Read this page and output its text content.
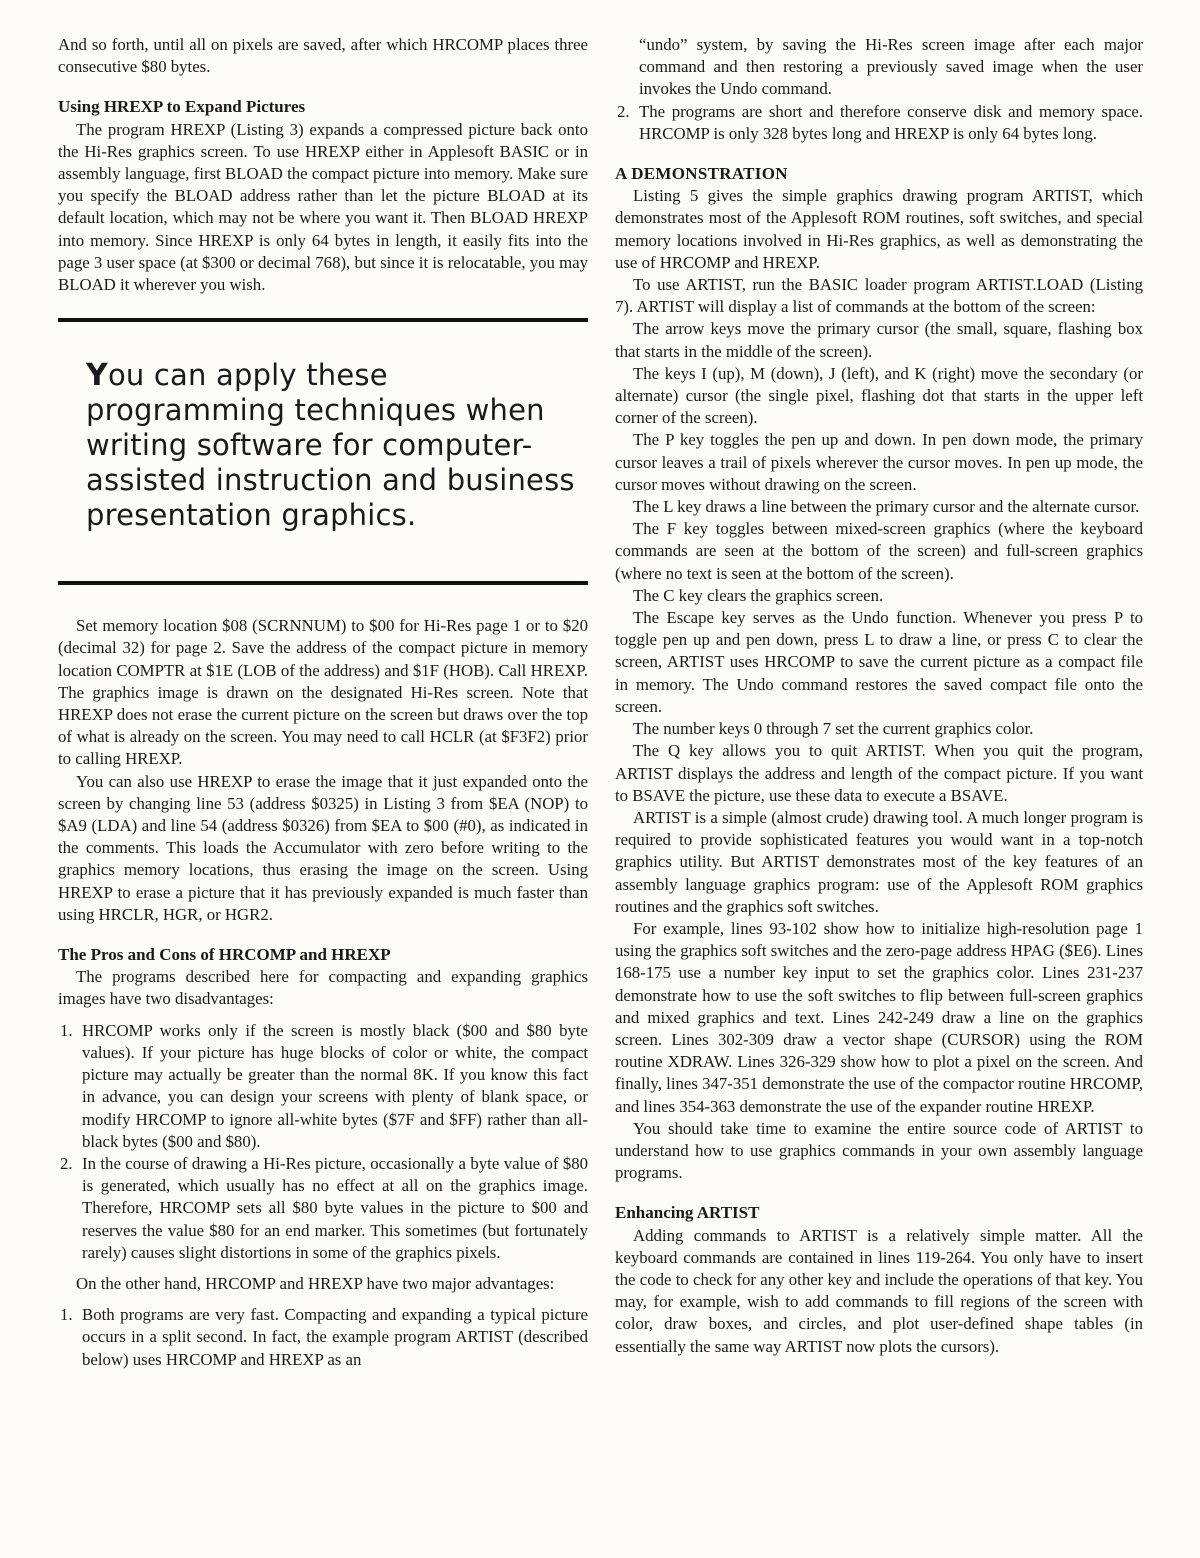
And so forth, until all on pixels are saved, after which HRCOMP places three consecutive $80 bytes.

Using HREXP to Expand Pictures

The program HREXP (Listing 3) expands a compressed picture back onto the Hi-Res graphics screen. To use HREXP either in Applesoft BASIC or in assembly language, first BLOAD the compact picture into memory. Make sure you specify the BLOAD address rather than let the picture BLOAD at its default location, which may not be where you want it. Then BLOAD HREXP into memory. Since HREXP is only 64 bytes in length, it easily fits into the page 3 user space (at $300 or decimal 768), but since it is relocatable, you may BLOAD it wherever you wish.

You can apply these programming techniques when writing software for computer-assisted instruction and business presentation graphics.

Set memory location $08 (SCRNNUM) to $00 for Hi-Res page 1 or to $20 (decimal 32) for page 2. Save the address of the compact picture in memory location COMPTR at $1E (LOB of the address) and $1F (HOB). Call HREXP. The graphics image is drawn on the designated Hi-Res screen. Note that HREXP does not erase the current picture on the screen but draws over the top of what is already on the screen. You may need to call HCLR (at $F3F2) prior to calling HREXP.

You can also use HREXP to erase the image that it just expanded onto the screen by changing line 53 (address $0325) in Listing 3 from $EA (NOP) to $A9 (LDA) and line 54 (address $0326) from $EA to $00 (#0), as indicated in the comments. This loads the Accumulator with zero before writing to the graphics memory locations, thus erasing the image on the screen. Using HREXP to erase a picture that it has previously expanded is much faster than using HRCLR, HGR, or HGR2.

The Pros and Cons of HRCOMP and HREXP

The programs described here for compacting and expanding graphics images have two disadvantages:

1. HRCOMP works only if the screen is mostly black ($00 and $80 byte values). If your picture has huge blocks of color or white, the compact picture may actually be greater than the normal 8K. If you know this fact in advance, you can design your screens with plenty of blank space, or modify HRCOMP to ignore all-white bytes ($7F and $FF) rather than all-black bytes ($00 and $80).
2. In the course of drawing a Hi-Res picture, occasionally a byte value of $80 is generated, which usually has no effect at all on the graphics image. Therefore, HRCOMP sets all $80 byte values in the picture to $00 and reserves the value $80 for an end marker. This sometimes (but fortunately rarely) causes slight distortions in some of the graphics pixels.

On the other hand, HRCOMP and HREXP have two major advantages:

1. Both programs are very fast. Compacting and expanding a typical picture occurs in a split second. In fact, the example program ARTIST (described below) uses HRCOMP and HREXP as an
“undo” system, by saving the Hi-Res screen image after each major command and then restoring a previously saved image when the user invokes the Undo command.
2. The programs are short and therefore conserve disk and memory space. HRCOMP is only 328 bytes long and HREXP is only 64 bytes long.
A DEMONSTRATION

Listing 5 gives the simple graphics drawing program ARTIST, which demonstrates most of the Applesoft ROM routines, soft switches, and special memory locations involved in Hi-Res graphics, as well as demonstrating the use of HRCOMP and HREXP.

To use ARTIST, run the BASIC loader program ARTIST.LOAD (Listing 7). ARTIST will display a list of commands at the bottom of the screen:

The arrow keys move the primary cursor (the small, square, flashing box that starts in the middle of the screen).

The keys I (up), M (down), J (left), and K (right) move the secondary (or alternate) cursor (the single pixel, flashing dot that starts in the upper left corner of the screen).

The P key toggles the pen up and down. In pen down mode, the primary cursor leaves a trail of pixels wherever the cursor moves. In pen up mode, the cursor moves without drawing on the screen.

The L key draws a line between the primary cursor and the alternate cursor.

The F key toggles between mixed-screen graphics (where the keyboard commands are seen at the bottom of the screen) and full-screen graphics (where no text is seen at the bottom of the screen).

The C key clears the graphics screen.

The Escape key serves as the Undo function. Whenever you press P to toggle pen up and pen down, press L to draw a line, or press C to clear the screen, ARTIST uses HRCOMP to save the current picture as a compact file in memory. The Undo command restores the saved compact file onto the screen.

The number keys 0 through 7 set the current graphics color.

The Q key allows you to quit ARTIST. When you quit the program, ARTIST displays the address and length of the compact picture. If you want to BSAVE the picture, use these data to execute a BSAVE.

ARTIST is a simple (almost crude) drawing tool. A much longer program is required to provide sophisticated features you would want in a top-notch graphics utility. But ARTIST demonstrates most of the key features of an assembly language graphics program: use of the Applesoft ROM graphics routines and the graphics soft switches.

For example, lines 93-102 show how to initialize high-resolution page 1 using the graphics soft switches and the zero-page address HPAG ($E6). Lines 168-175 use a number key input to set the graphics color. Lines 231-237 demonstrate how to use the soft switches to flip between full-screen graphics and mixed graphics and text. Lines 242-249 draw a line on the graphics screen. Lines 302-309 draw a vector shape (CURSOR) using the ROM routine XDRAW. Lines 326-329 show how to plot a pixel on the screen. And finally, lines 347-351 demonstrate the use of the compactor routine HRCOMP, and lines 354-363 demonstrate the use of the expander routine HREXP.

You should take time to examine the entire source code of ARTIST to understand how to use graphics commands in your own assembly language programs.

Enhancing ARTIST

Adding commands to ARTIST is a relatively simple matter. All the keyboard commands are contained in lines 119-264. You only have to insert the code to check for any other key and include the operations of that key. You may, for example, wish to add commands to fill regions of the screen with color, draw boxes, and circles, and plot user-defined shape tables (in essentially the same way ARTIST now plots the cursors).
